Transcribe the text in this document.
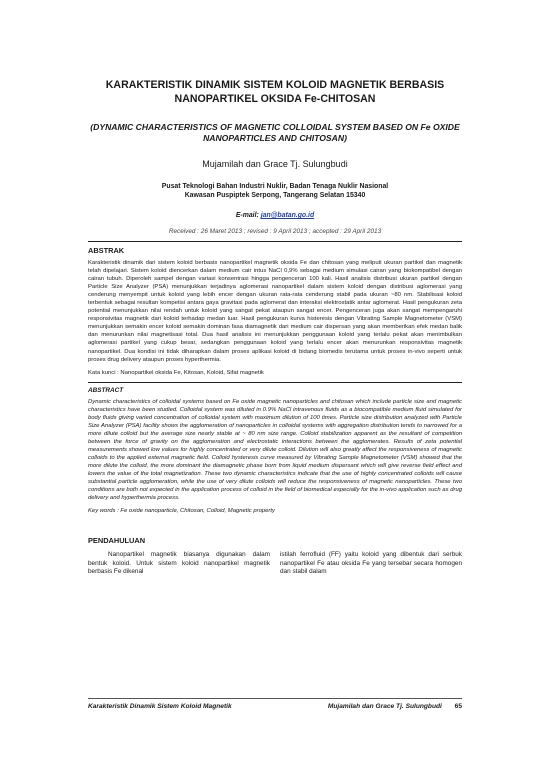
KARAKTERISTIK DINAMIK SISTEM KOLOID MAGNETIK BERBASIS NANOPARTIKEL OKSIDA Fe-CHITOSAN

(DYNAMIC CHARACTERISTICS OF MAGNETIC COLLOIDAL SYSTEM BASED ON Fe OXIDE NANOPARTICLES AND CHITOSAN)

Mujamilah dan Grace Tj. Sulungbudi

Pusat Teknologi Bahan Industri Nuklir, Badan Tenaga Nuklir Nasional
Kawasan Puspiptek Serpong, Tangerang Selatan 15340

E-mail: jan@batan.go.id

Received : 26 Maret 2013 ; revised : 9 April 2013 ; accepted : 29 April 2013

ABSTRAK

Karakteristik dinamik dari sistem koloid berbasis nanopartikel magnetik oksida Fe dan chitosan yang meliputi ukuran partikel dan magnetik telah dipelajari. Sistem koloid diencerkan dalam medium cair intus NaCl 0,9% sebagai medium simulasi cairan yang biokompatibel dengan cairan tubuh. Diperoleh sampel dengan variasi konsentrasi hingga pengenceran 100 kali. Hasil analisis distribusi ukuran partikel dengan Particle Size Analyzer (PSA) menunjukkan terjadinya aglomerasi nanopartikel dalam sistem koloid dengan distribusi aglomerasi yang cenderung menyempit untuk koloid yang lebih encer dengan ukuran rata-rata cenderung stabil pada ukuran ~80 nm. Stabilisasi koloid terbentuk sebagai resultan kompetisi antara gaya gravitasi pada aglomerat dan interaksi elektrostatik antar aglomerat. Hasil pengukuran zeta potential menunjukkan nilai rendah untuk koloid yang sangat pekat ataupun sangat encer. Pengenceran juga akan sangat mempengaruhi responsivitas magnetik dari koloid terhadap medan luar. Hasil pengukuran kurva histeresis dengan Vibrating Sample Magnetometer (VSM) menunjukkan semakin encer koloid semakin dominan fasa diamagnetik dari medium cair dispersan yang akan memberikan efek medan balik dan menurunkan nilai magnetisasi total. Dua hasil analisis ini menunjukkan penggunaan koloid yang terlalu pekat akan menimbulkan aglomerasi partikel yang cukup besar, sedangkan penggunaan koloid yang terlalu encer akan menurunkan responsivitas magnetik nanopartikel. Dua kondisi ini tidak diharapkan dalam proses aplikasi koloid di bidang biomedis terutama untuk proses in-vivo seperti untuk proses drug delivery ataupun proses hyperthermia.

Kata kunci : Nanopartikel oksida Fe, Kitosan, Koloid, Sifat magnetik

ABSTRACT

Dynamic characteristics of colloidal systems based on Fe oxide magnetic nanoparticles and chitosan which include particle size and magnetic characteristics have been studied. Colloidal system was diluted in 0.9% NaCl intravenous fluids as a biocompatible medium fluid simulated for body fluids giving varied concentration of colloidal system with maximum dilution of 100 times. Particle size distribution analyzed with Particle Size Analyzer (PSA) facility shows the agglomeration of nanoparticles in colloidal systems with aggregation distribution tends to narrowed for a more dilute colloid but the average size nearly stable at ~ 80 nm size range. Colloid stabilization apparent as the resultant of competition between the force of gravity on the agglomeration and electrostatic interactions between the agglomerates. Results of zeta potential measurements showed low values for highly concentrated or very dilute colloid. Dilution will also greatly affect the responsiveness of magnetic colloids to the applied external magnetic field. Colloid hysteresis curve measured by Vibrating Sample Magnetometer (VSM) showed that the more dilute the colloid, the more dominant the diamagnetic phase born from liquid medium dispersant which will give reverse field effect and lowers the value of the total magnetization. These two dynamic characteristics indicate that the use of highly concentrated colloids will cause substantial particle agglomeration, while the use of very dilute colloids will reduce the responsiveness of magnetic nanoparticles. These two conditions are both not expected in the application process of colloid in the field of biomedical especially for the in-vivo application such as drug delivery and hyperthermia process.

Key words : Fe oxide nanoparticle, Chitosan, Colloid, Magnetic property

PENDAHULUAN

Nanopartikel magnetik biasanya digunakan dalam bentuk koloid. Untuk sistem koloid nanopartikel magnetik berbasis Fe dikenal

istilah ferrofluid (FF) yaitu koloid yang dibentuk dari serbuk nanopartikel Fe atau oksida Fe yang tersebar secara homogen dan stabil dalam

Karakteristik Dinamik Sistem Koloid Magnetik	Mujamilah dan Grace Tj. Sulungbudi 65
